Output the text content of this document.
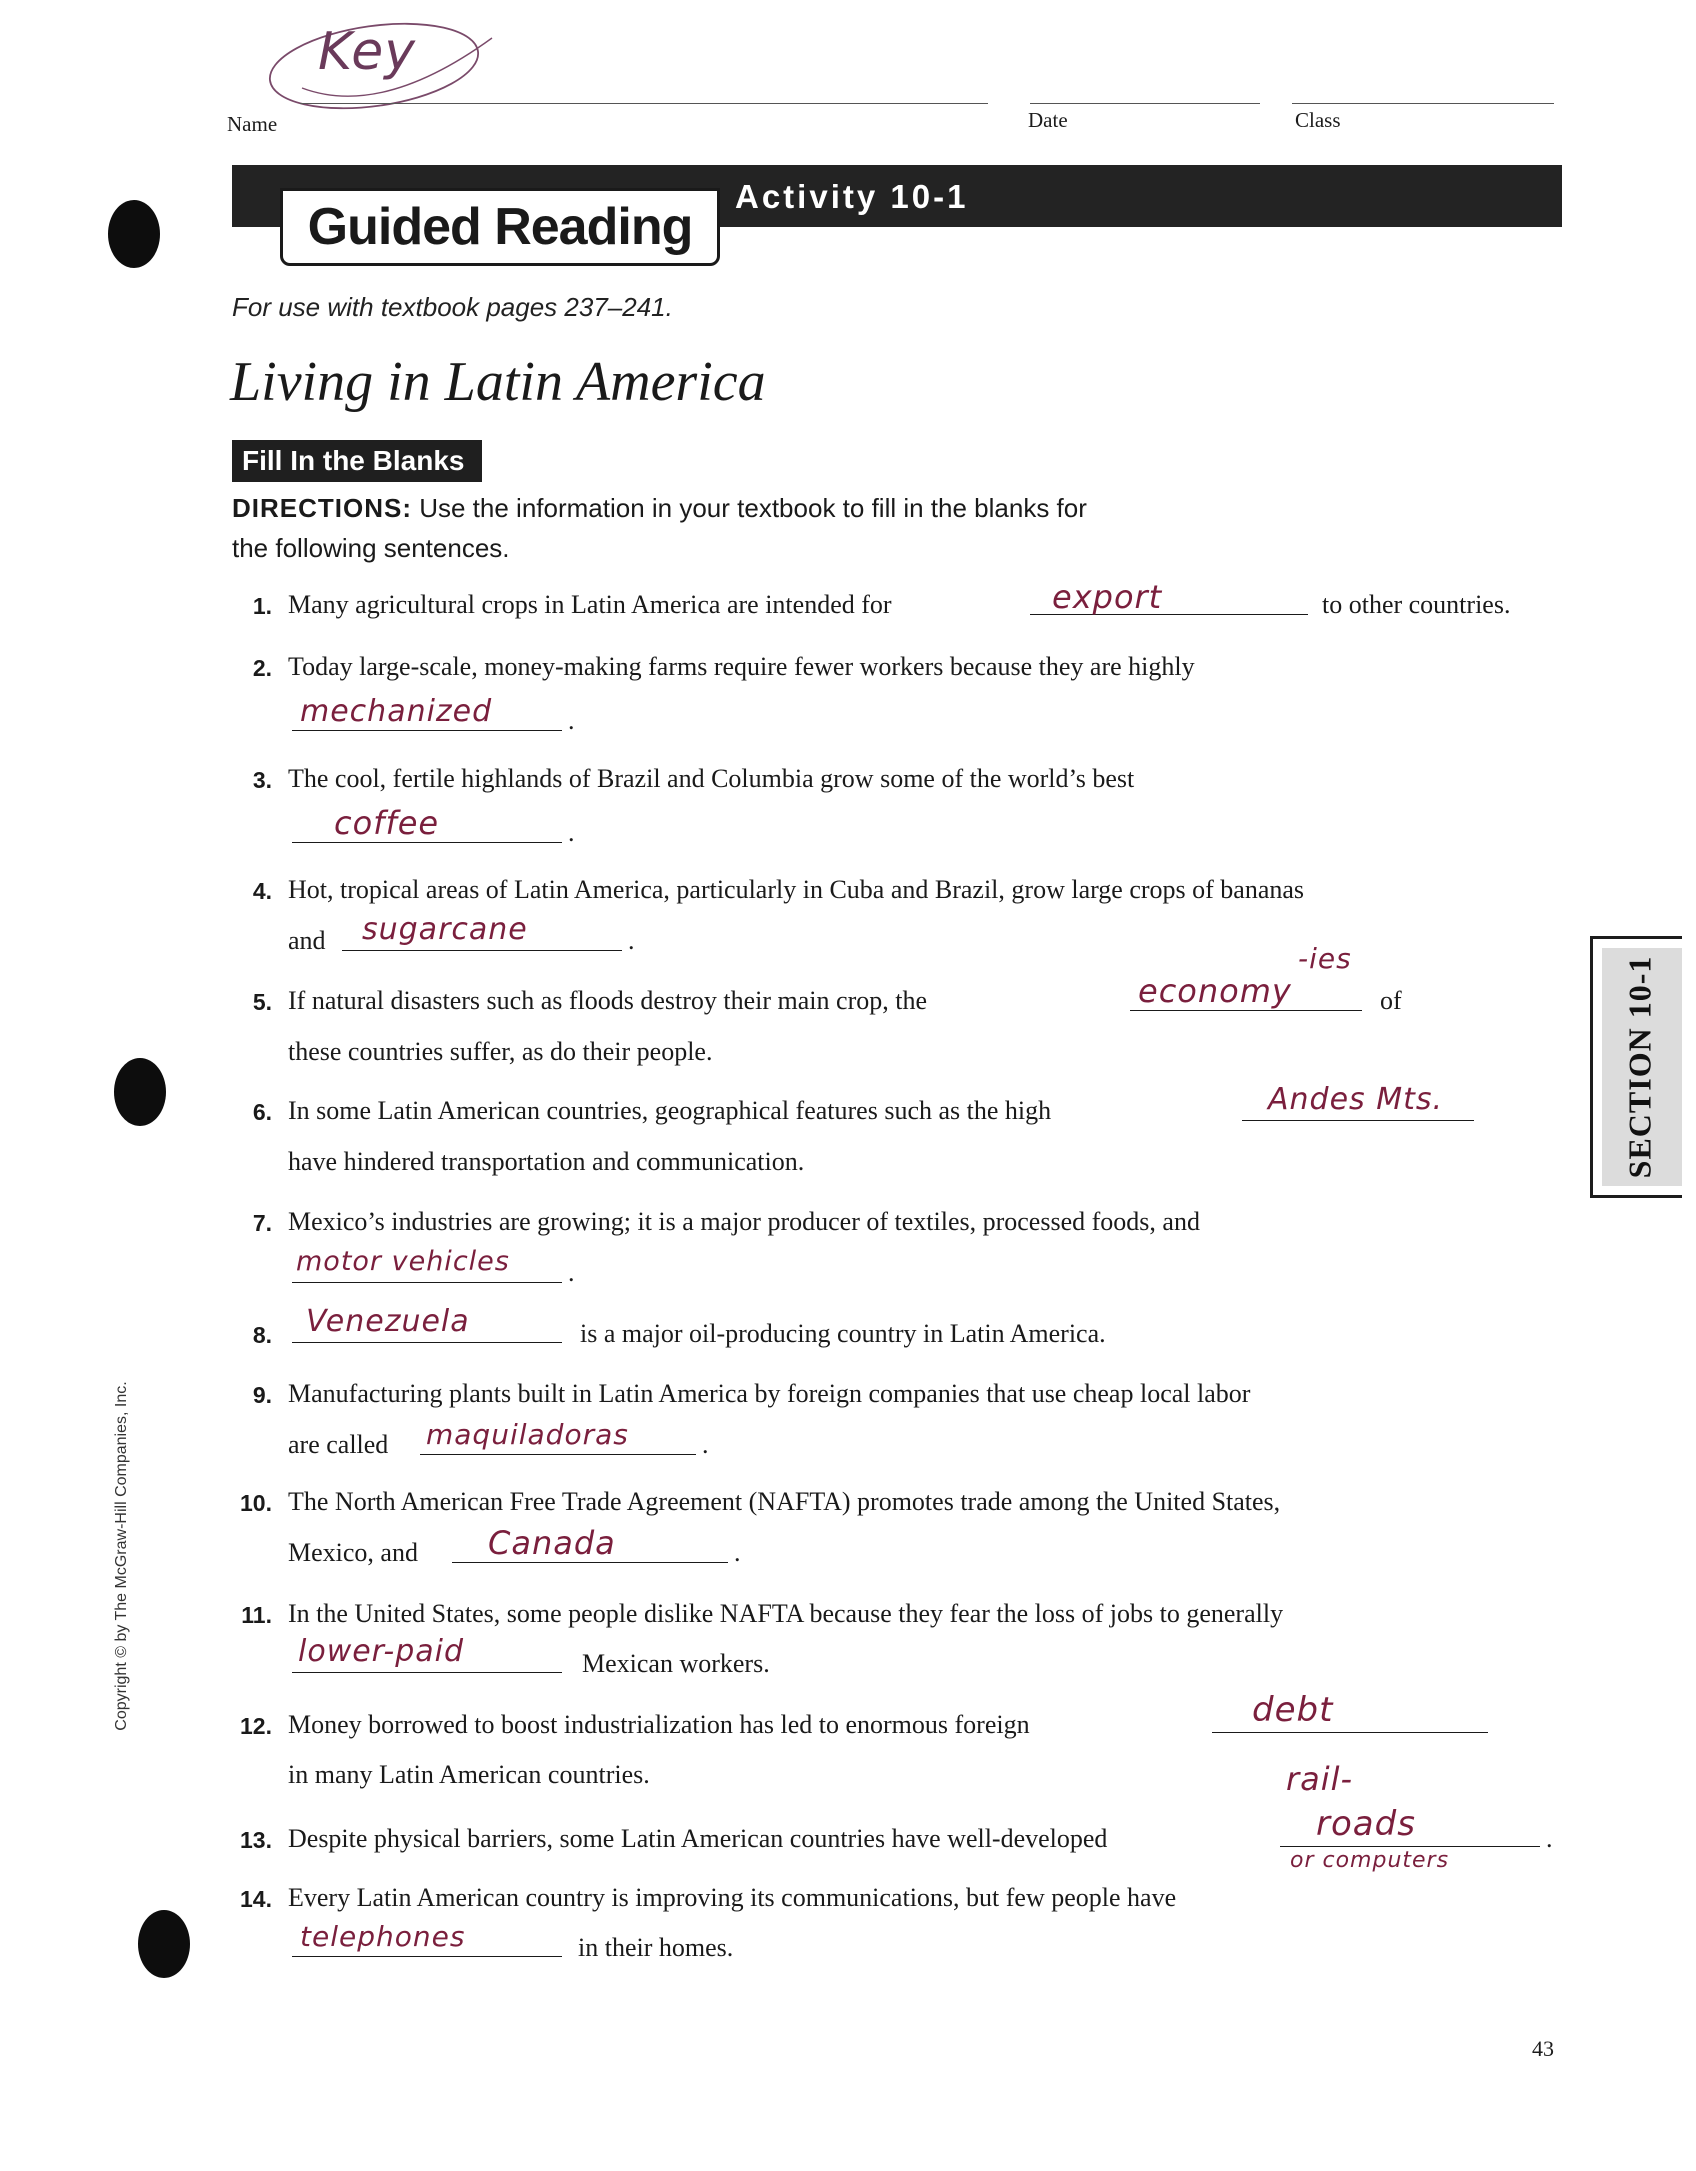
Key
Name	Date	Class
Guided Reading
Activity 10-1
For use with textbook pages 237–241.
Living in Latin America
Fill In the Blanks
DIRECTIONS: Use the information in your textbook to fill in the blanks for
the following sentences.
1. Many agricultural crops in Latin America are intended for	export	to other countries.
2. Today large-scale, money-making farms require fewer workers because they are highly
mechanized	.
3. The cool, fertile highlands of Brazil and Columbia grow some of the world’s best
coffee	.
4. Hot, tropical areas of Latin America, particularly in Cuba and Brazil, grow large crops of bananas
and sugarcane	.
5. If natural disasters such as floods destroy their main crop, the	economy
-ies
of
these countries suffer, as do their people.
6. In some Latin American countries, geographical features such as the high	Andes Mts.
have hindered transportation and communication.
7. Mexico’s industries are growing; it is a major producer of textiles, processed foods, and
motor vehicles .
8. Venezuela	is a major oil-producing country in Latin America.
9. Manufacturing plants built in Latin America by foreign companies that use cheap local labor
are called maquiladoras	.
10. The North American Free Trade Agreement (NAFTA) promotes trade among the United States,
Mexico, and Canada	.
11. In the United States, some people dislike NAFTA because they fear the loss of jobs to generally
lower-paid	Mexican workers.
12. Money borrowed to boost industrialization has led to enormous foreign	debt
in many Latin American countries.
13. Despite physical barriers, some Latin American countries have well-developed
rail-
roads	.
or computers
14. Every Latin American country is improving its communications, but few people have
telephones	in their homes.
SECTION 10-1
Copyright © by The McGraw-Hill Companies, Inc.
43
